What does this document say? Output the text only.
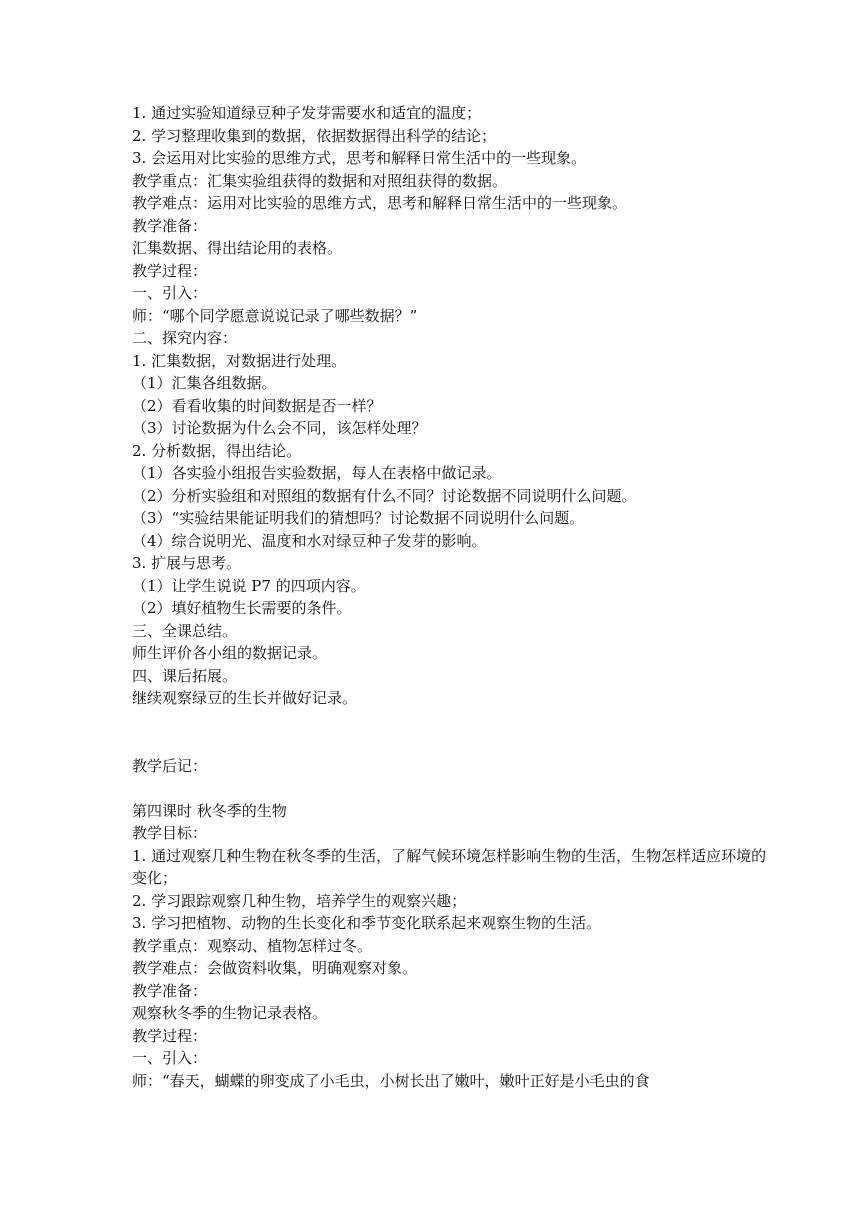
1. 通过实验知道绿豆种子发芽需要水和适宜的温度；
2. 学习整理收集到的数据，依据数据得出科学的结论；
3. 会运用对比实验的思维方式，思考和解释日常生活中的一些现象。
教学重点：汇集实验组获得的数据和对照组获得的数据。
教学难点：运用对比实验的思维方式，思考和解释日常生活中的一些现象。
教学准备：
汇集数据、得出结论用的表格。
教学过程：
一、引入：
师：“哪个同学愿意说说记录了哪些数据？”
二、探究内容：
1. 汇集数据，对数据进行处理。
（1）汇集各组数据。
（2）看看收集的时间数据是否一样？
（3）讨论数据为什么会不同，该怎样处理？
2. 分析数据，得出结论。
（1）各实验小组报告实验数据，每人在表格中做记录。
（2）分析实验组和对照组的数据有什么不同？讨论数据不同说明什么问题。
（3）“实验结果能证明我们的猜想吗？讨论数据不同说明什么问题。
（4）综合说明光、温度和水对绿豆种子发芽的影响。
3. 扩展与思考。
（1）让学生说说 P7 的四项内容。
（2）填好植物生长需要的条件。
三、全课总结。
师生评价各小组的数据记录。
四、课后拓展。
继续观察绿豆的生长并做好记录。
教学后记：
第四课时 秋冬季的生物
教学目标：
1. 通过观察几种生物在秋冬季的生活，了解气候环境怎样影响生物的生活，生物怎样适应环境的变化；
2. 学习跟踪观察几种生物，培养学生的观察兴趣；
3. 学习把植物、动物的生长变化和季节变化联系起来观察生物的生活。
教学重点：观察动、植物怎样过冬。
教学难点：会做资料收集，明确观察对象。
教学准备：
观察秋冬季的生物记录表格。
教学过程：
一、引入：
师：“春天，蝴蝶的卵变成了小毛虫，小树长出了嫩叶，嫩叶正好是小毛虫的食
